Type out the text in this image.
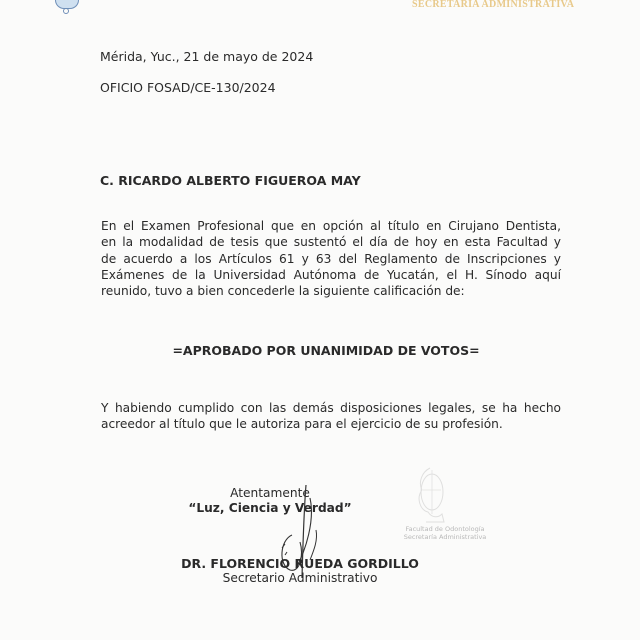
SECRETARÍA ADMINISTRATIVA
Mérida, Yuc., 21 de mayo de 2024
OFICIO FOSAD/CE-130/2024
C. RICARDO ALBERTO FIGUEROA MAY
En el Examen Profesional que en opción al título en Cirujano Dentista,
en la modalidad de tesis que sustentó el día de hoy en esta Facultad y
de acuerdo a los Artículos 61 y 63 del Reglamento de Inscripciones y
Exámenes de la Universidad Autónoma de Yucatán, el H. Sínodo aquí
reunido, tuvo a bien concederle la siguiente calificación de:
=APROBADO POR UNANIMIDAD DE VOTOS=
Y habiendo cumplido con las demás disposiciones legales, se ha hecho
acreedor al título que le autoriza para el ejercicio de su profesión.
Atentamente
“Luz, Ciencia y Verdad”
DR. FLORENCIO RUEDA GORDILLO
Secretario Administrativo
Facultad de Odontología
Secretaría Administrativa
